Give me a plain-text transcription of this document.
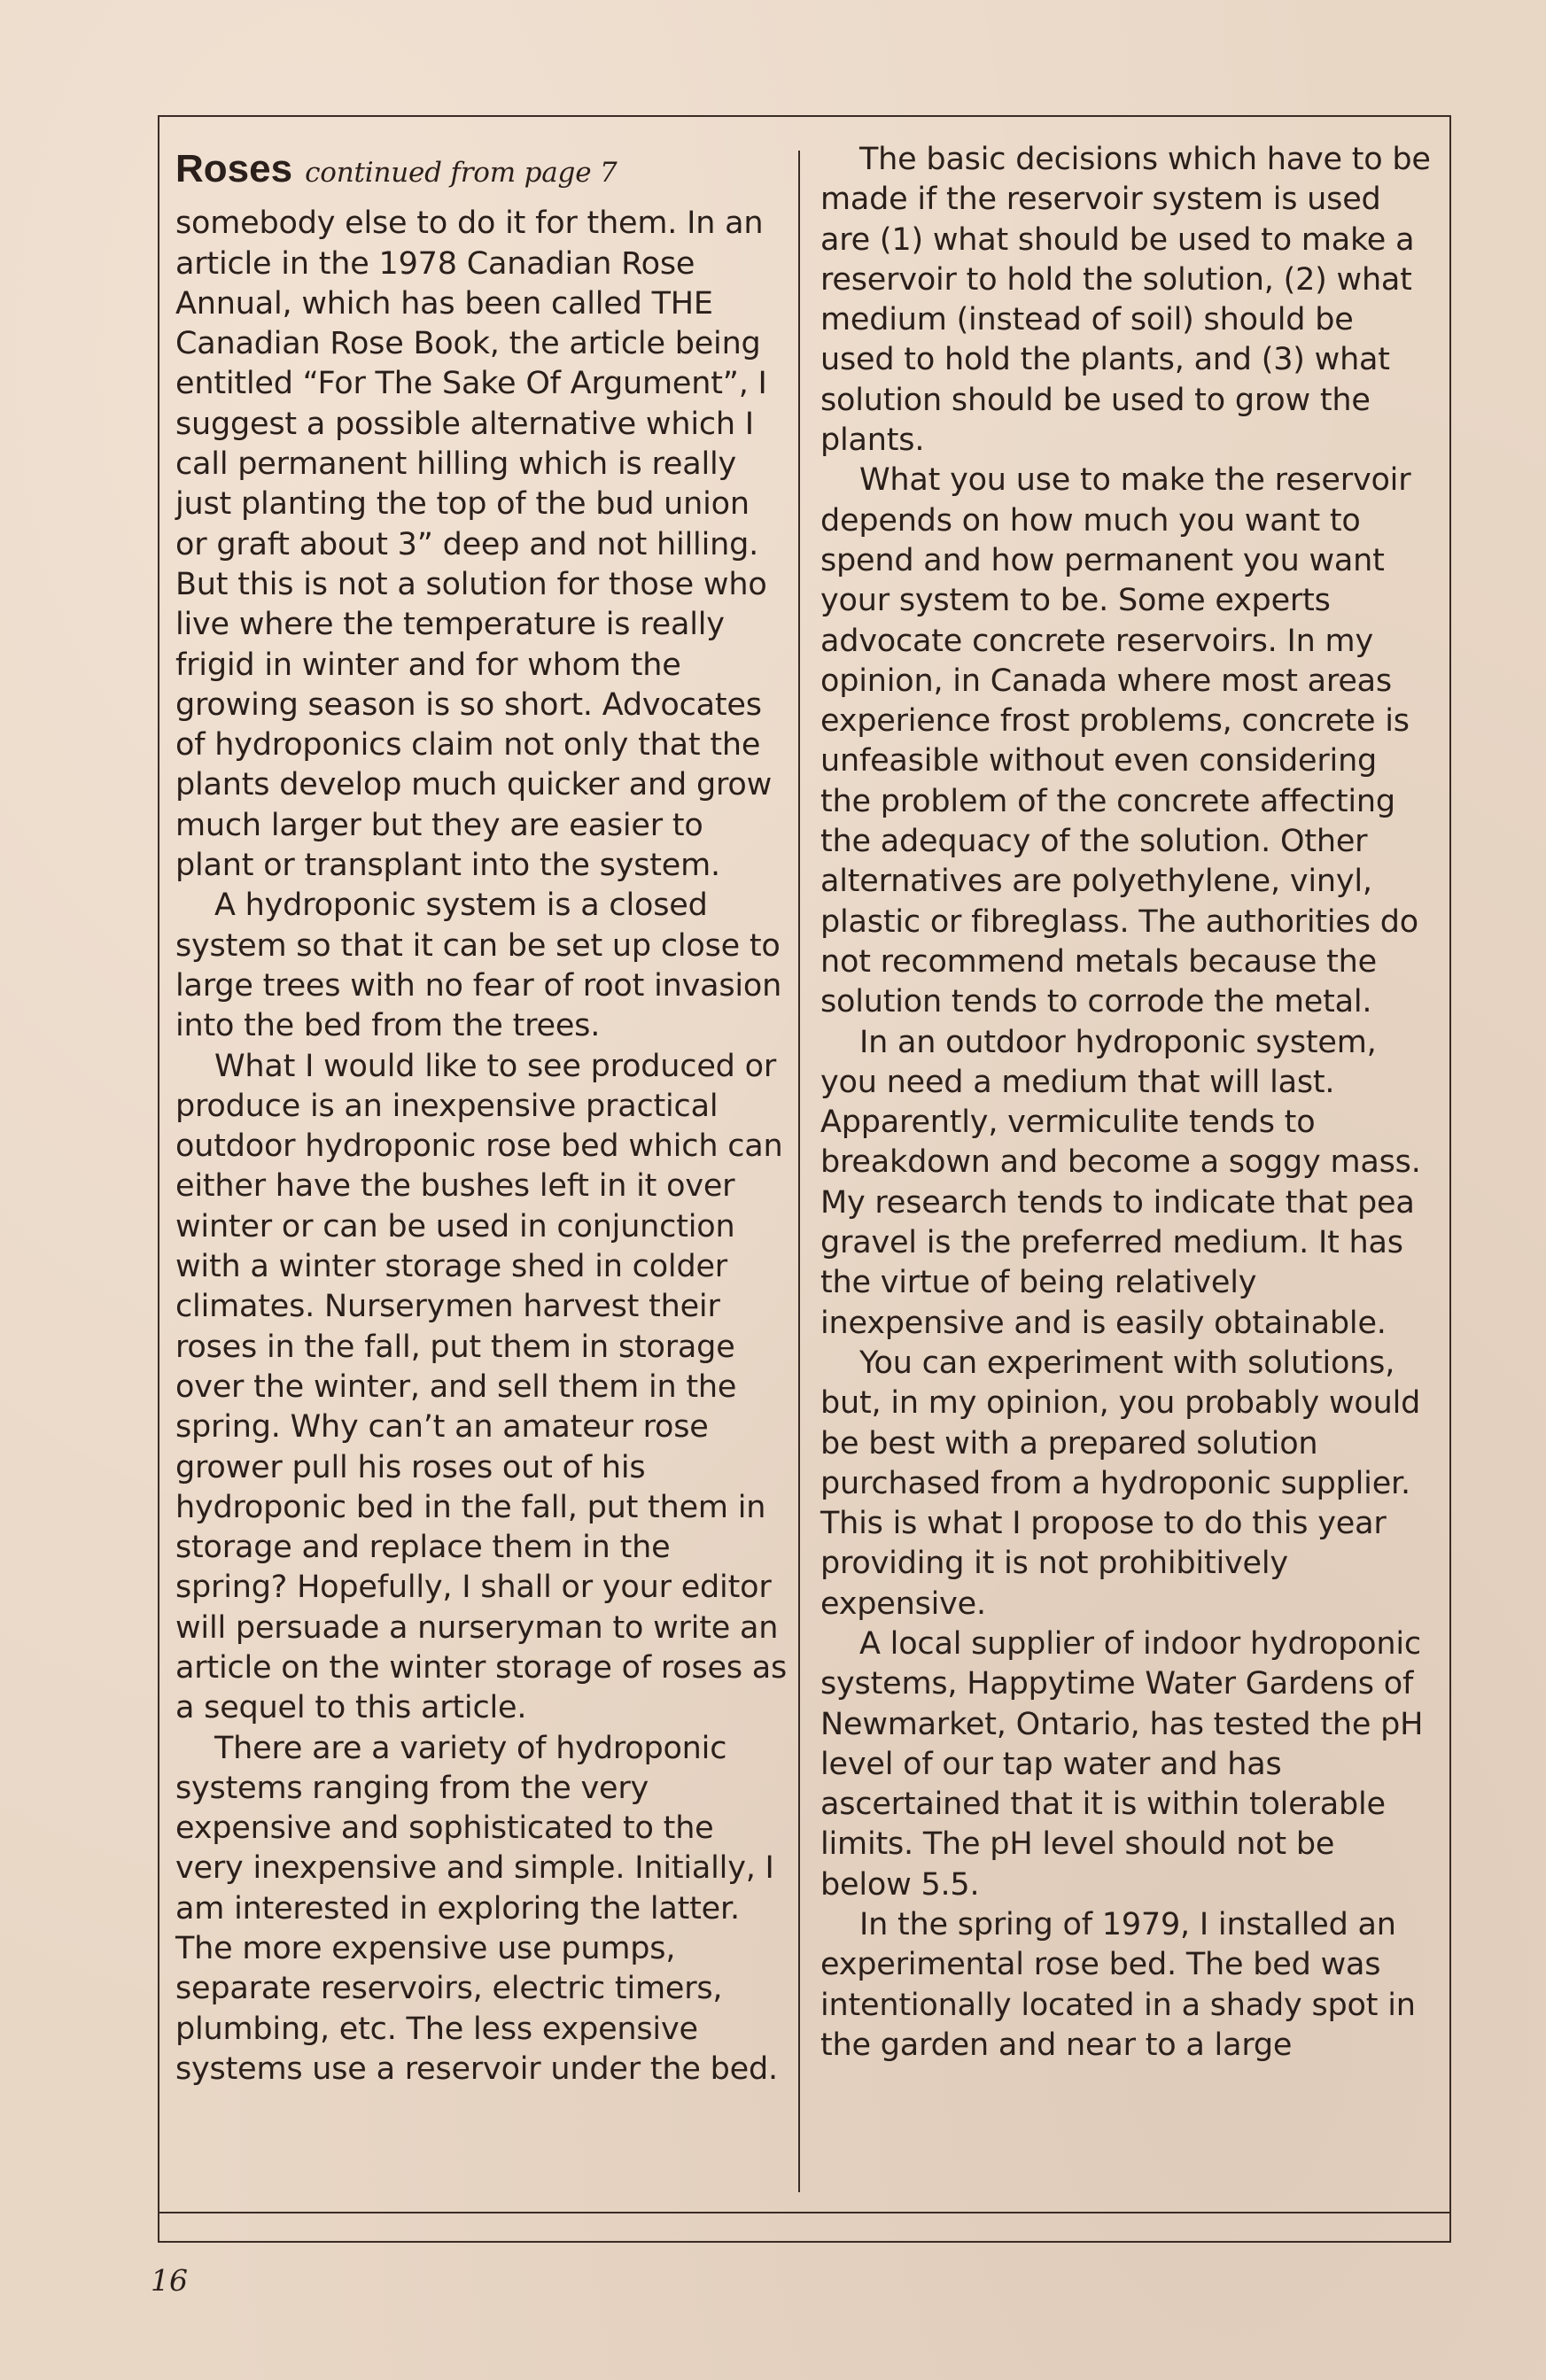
Roses continued from page 7

somebody else to do it for them. In an article in the 1978 Canadian Rose Annual, which has been called THE Canadian Rose Book, the article being entitled “For The Sake Of Argument”, I suggest a possible alternative which I call permanent hilling which is really just planting the top of the bud union or graft about 3” deep and not hilling. But this is not a solution for those who live where the temperature is really frigid in winter and for whom the growing season is so short. Advocates of hydroponics claim not only that the plants develop much quicker and grow much larger but they are easier to plant or transplant into the system.

A hydroponic system is a closed system so that it can be set up close to large trees with no fear of root invasion into the bed from the trees.

What I would like to see produced or produce is an inexpensive practical outdoor hydroponic rose bed which can either have the bushes left in it over winter or can be used in conjunction with a winter storage shed in colder climates. Nurserymen harvest their roses in the fall, put them in storage over the winter, and sell them in the spring. Why can’t an amateur rose grower pull his roses out of his hydroponic bed in the fall, put them in storage and replace them in the spring? Hopefully, I shall or your editor will persuade a nurseryman to write an article on the winter storage of roses as a sequel to this article.

There are a variety of hydroponic systems ranging from the very expensive and sophisticated to the very inexpensive and simple. Initially, I am interested in exploring the latter. The more expensive use pumps, separate reservoirs, electric timers, plumbing, etc. The less expensive systems use a reservoir under the bed.

The basic decisions which have to be made if the reservoir system is used are (1) what should be used to make a reservoir to hold the solution, (2) what medium (instead of soil) should be used to hold the plants, and (3) what solution should be used to grow the plants.

What you use to make the reservoir depends on how much you want to spend and how permanent you want your system to be. Some experts advocate concrete reservoirs. In my opinion, in Canada where most areas experience frost problems, concrete is unfeasible without even considering the problem of the concrete affecting the adequacy of the solution. Other alternatives are polyethylene, vinyl, plastic or fibreglass. The authorities do not recommend metals because the solution tends to corrode the metal.

In an outdoor hydroponic system, you need a medium that will last. Apparently, vermiculite tends to breakdown and become a soggy mass. My research tends to indicate that pea gravel is the preferred medium. It has the virtue of being relatively inexpensive and is easily obtainable.

You can experiment with solutions, but, in my opinion, you probably would be best with a prepared solution purchased from a hydroponic supplier. This is what I propose to do this year providing it is not prohibitively expensive.

A local supplier of indoor hydroponic systems, Happytime Water Gardens of Newmarket, Ontario, has tested the pH level of our tap water and has ascertained that it is within tolerable limits. The pH level should not be below 5.5.

In the spring of 1979, I installed an experimental rose bed. The bed was intentionally located in a shady spot in the garden and near to a large

16
